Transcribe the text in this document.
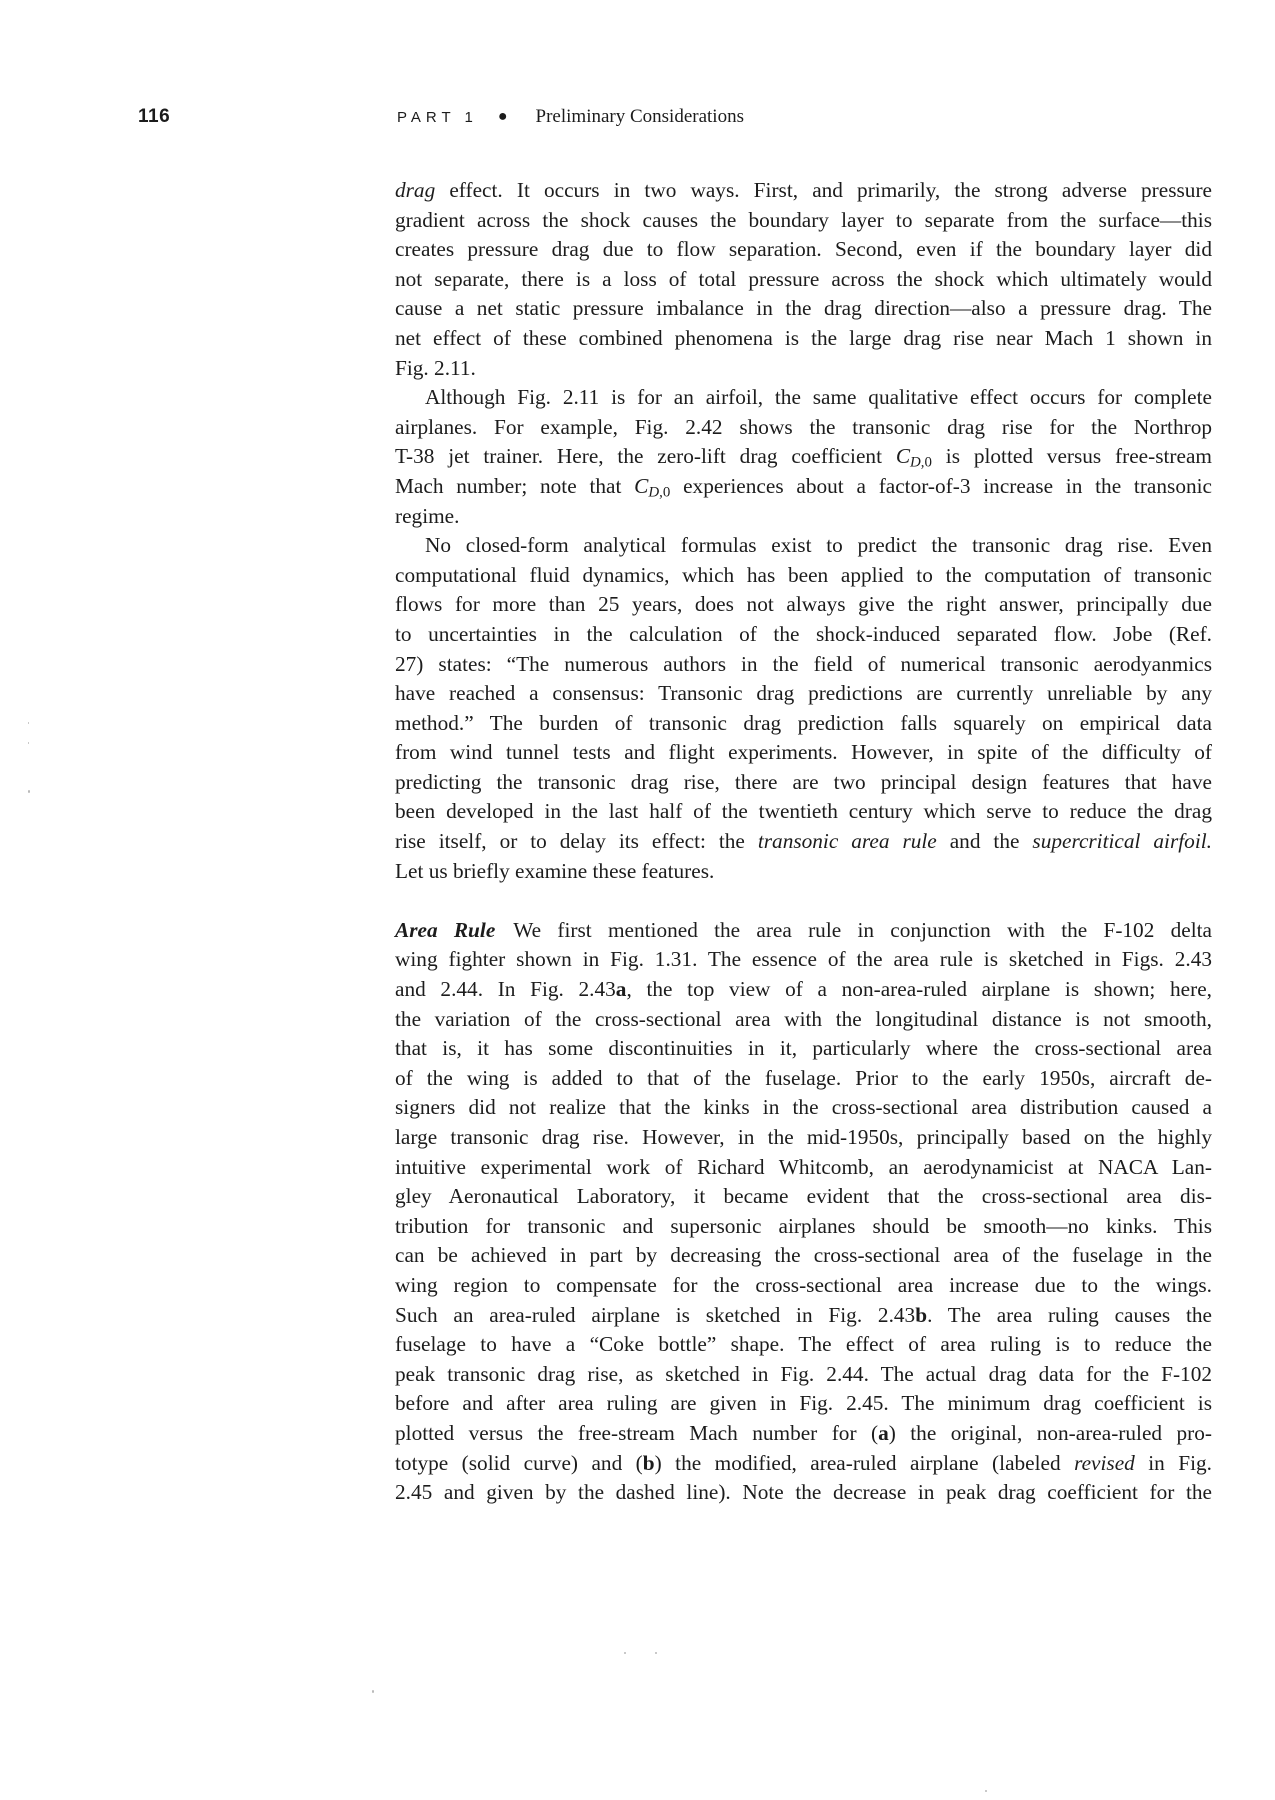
116	PART 1 ● Preliminary Considerations
drag effect. It occurs in two ways. First, and primarily, the strong adverse pressure
gradient across the shock causes the boundary layer to separate from the surface—this
creates pressure drag due to flow separation. Second, even if the boundary layer did
not separate, there is a loss of total pressure across the shock which ultimately would
cause a net static pressure imbalance in the drag direction—also a pressure drag. The
net effect of these combined phenomena is the large drag rise near Mach 1 shown in
Fig. 2.11.
Although Fig. 2.11 is for an airfoil, the same qualitative effect occurs for complete
airplanes. For example, Fig. 2.42 shows the transonic drag rise for the Northrop
T-38 jet trainer. Here, the zero-lift drag coefficient $C_{D,0}$ is plotted versus free-stream
Mach number; note that $C_{D,0}$ experiences about a factor-of-3 increase in the transonic
regime.
No closed-form analytical formulas exist to predict the transonic drag rise. Even
computational fluid dynamics, which has been applied to the computation of transonic
flows for more than 25 years, does not always give the right answer, principally due
to uncertainties in the calculation of the shock-induced separated flow. Jobe (Ref.
27) states: “The numerous authors in the field of numerical transonic aerodyanmics
have reached a consensus: Transonic drag predictions are currently unreliable by any
method.” The burden of transonic drag prediction falls squarely on empirical data
from wind tunnel tests and flight experiments. However, in spite of the difficulty of
predicting the transonic drag rise, there are two principal design features that have
been developed in the last half of the twentieth century which serve to reduce the drag
rise itself, or to delay its effect: the transonic area rule and the supercritical airfoil.
Let us briefly examine these features.
Area Rule We first mentioned the area rule in conjunction with the F-102 delta
wing fighter shown in Fig. 1.31. The essence of the area rule is sketched in Figs. 2.43
and 2.44. In Fig. 2.43a, the top view of a non-area-ruled airplane is shown; here,
the variation of the cross-sectional area with the longitudinal distance is not smooth,
that is, it has some discontinuities in it, particularly where the cross-sectional area
of the wing is added to that of the fuselage. Prior to the early 1950s, aircraft de-
signers did not realize that the kinks in the cross-sectional area distribution caused a
large transonic drag rise. However, in the mid-1950s, principally based on the highly
intuitive experimental work of Richard Whitcomb, an aerodynamicist at NACA Lan-
gley Aeronautical Laboratory, it became evident that the cross-sectional area dis-
tribution for transonic and supersonic airplanes should be smooth—no kinks. This
can be achieved in part by decreasing the cross-sectional area of the fuselage in the
wing region to compensate for the cross-sectional area increase due to the wings.
Such an area-ruled airplane is sketched in Fig. 2.43b. The area ruling causes the
fuselage to have a “Coke bottle” shape. The effect of area ruling is to reduce the
peak transonic drag rise, as sketched in Fig. 2.44. The actual drag data for the F-102
before and after area ruling are given in Fig. 2.45. The minimum drag coefficient is
plotted versus the free-stream Mach number for (a) the original, non-area-ruled pro-
totype (solid curve) and (b) the modified, area-ruled airplane (labeled revised in Fig.
2.45 and given by the dashed line). Note the decrease in peak drag coefficient for the
